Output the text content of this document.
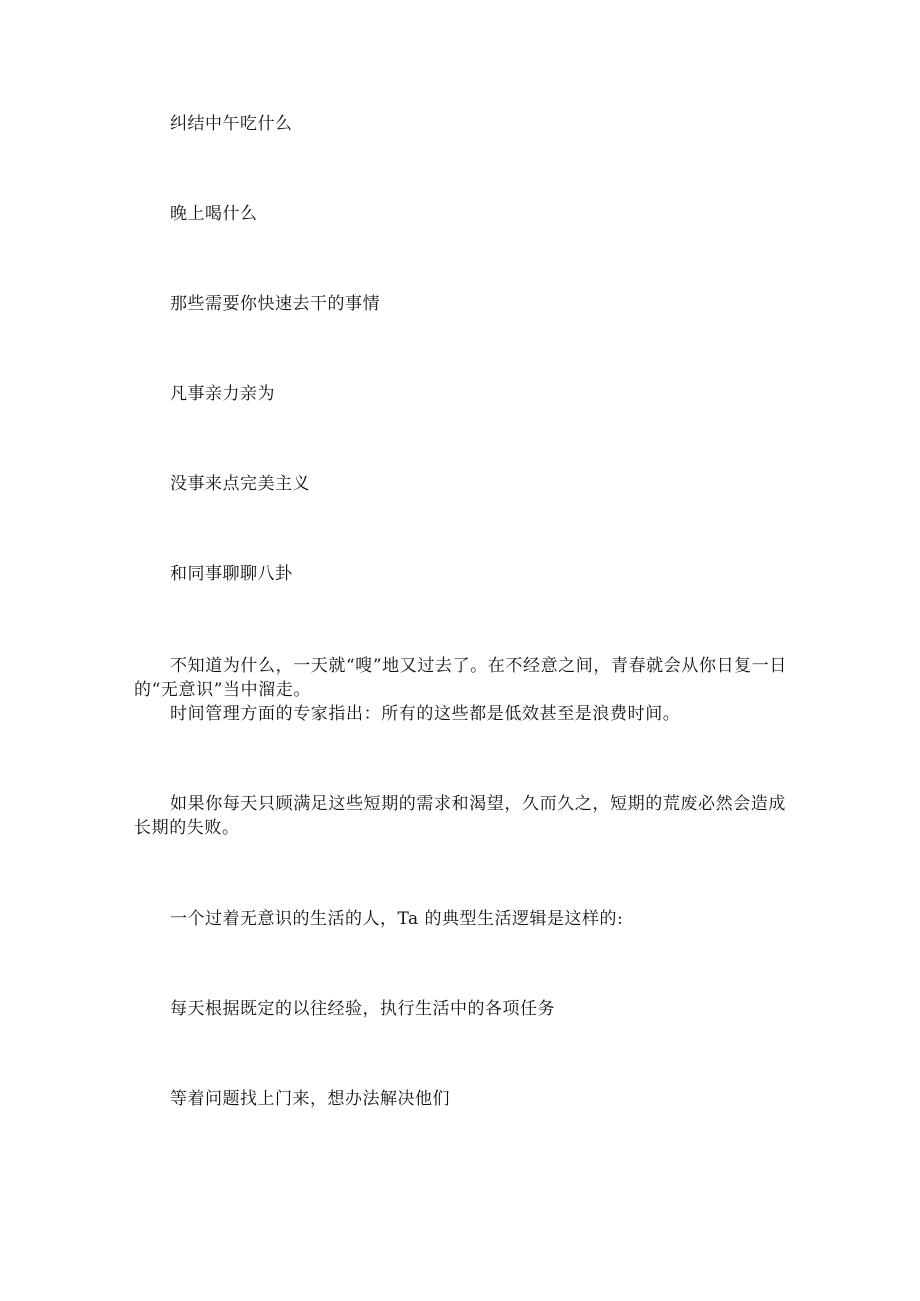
纠结中午吃什么

晚上喝什么

那些需要你快速去干的事情

凡事亲力亲为

没事来点完美主义

和同事聊聊八卦

不知道为什么，一天就“嗖”地又过去了。在不经意之间，青春就会从你日复一日的“无意识”当中溜走。

时间管理方面的专家指出：所有的这些都是低效甚至是浪费时间。

如果你每天只顾满足这些短期的需求和渴望，久而久之，短期的荒废必然会造成长期的失败。

一个过着无意识的生活的人，Ta 的典型生活逻辑是这样的:

每天根据既定的以往经验，执行生活中的各项任务

等着问题找上门来，想办法解决他们
